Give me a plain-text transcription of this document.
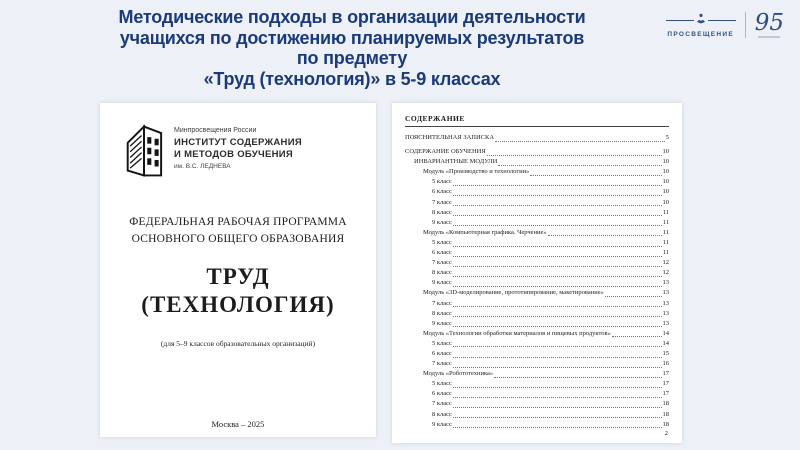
Методические подходы в организации деятельности
учащихся по достижению планируемых результатов
по предмету
«Труд (технология)» в 5-9 классах
ПРОСВЕЩЕНИЕ 95
Минпросвещения России
ИНСТИТУТ СОДЕРЖАНИЯ
И МЕТОДОВ ОБУЧЕНИЯ
им. В.С. ЛЕДНЕВА
ФЕДЕРАЛЬНАЯ РАБОЧАЯ ПРОГРАММА
ОСНОВНОГО ОБЩЕГО ОБРАЗОВАНИЯ
ТРУД
(ТЕХНОЛОГИЯ)
(для 5–9 классов образовательных организаций)
Москва – 2025
СОДЕРЖАНИЕ
ПОЯСНИТЕЛЬНАЯ ЗАПИСКА	5
СОДЕРЖАНИЕ ОБУЧЕНИЯ	10
ИНВАРИАНТНЫЕ МОДУЛИ	10
Модуль «Производство и технологии»	10
5 класс	10
6 класс	10
7 класс	10
8 класс	11
9 класс	11
Модуль «Компьютерная графика. Черчение»	11
5 класс	11
6 класс	11
7 класс	12
8 класс	12
9 класс	13
Модуль «3D-моделирование, прототипирование, макетирование»	13
7 класс	13
8 класс	13
9 класс	13
Модуль «Технологии обработки материалов и пищевых продуктов»	14
5 класс	14
6 класс	15
7 класс	16
Модуль «Робототехника»	17
5 класс	17
6 класс	17
7 класс	18
8 класс	18
9 класс	18
2
